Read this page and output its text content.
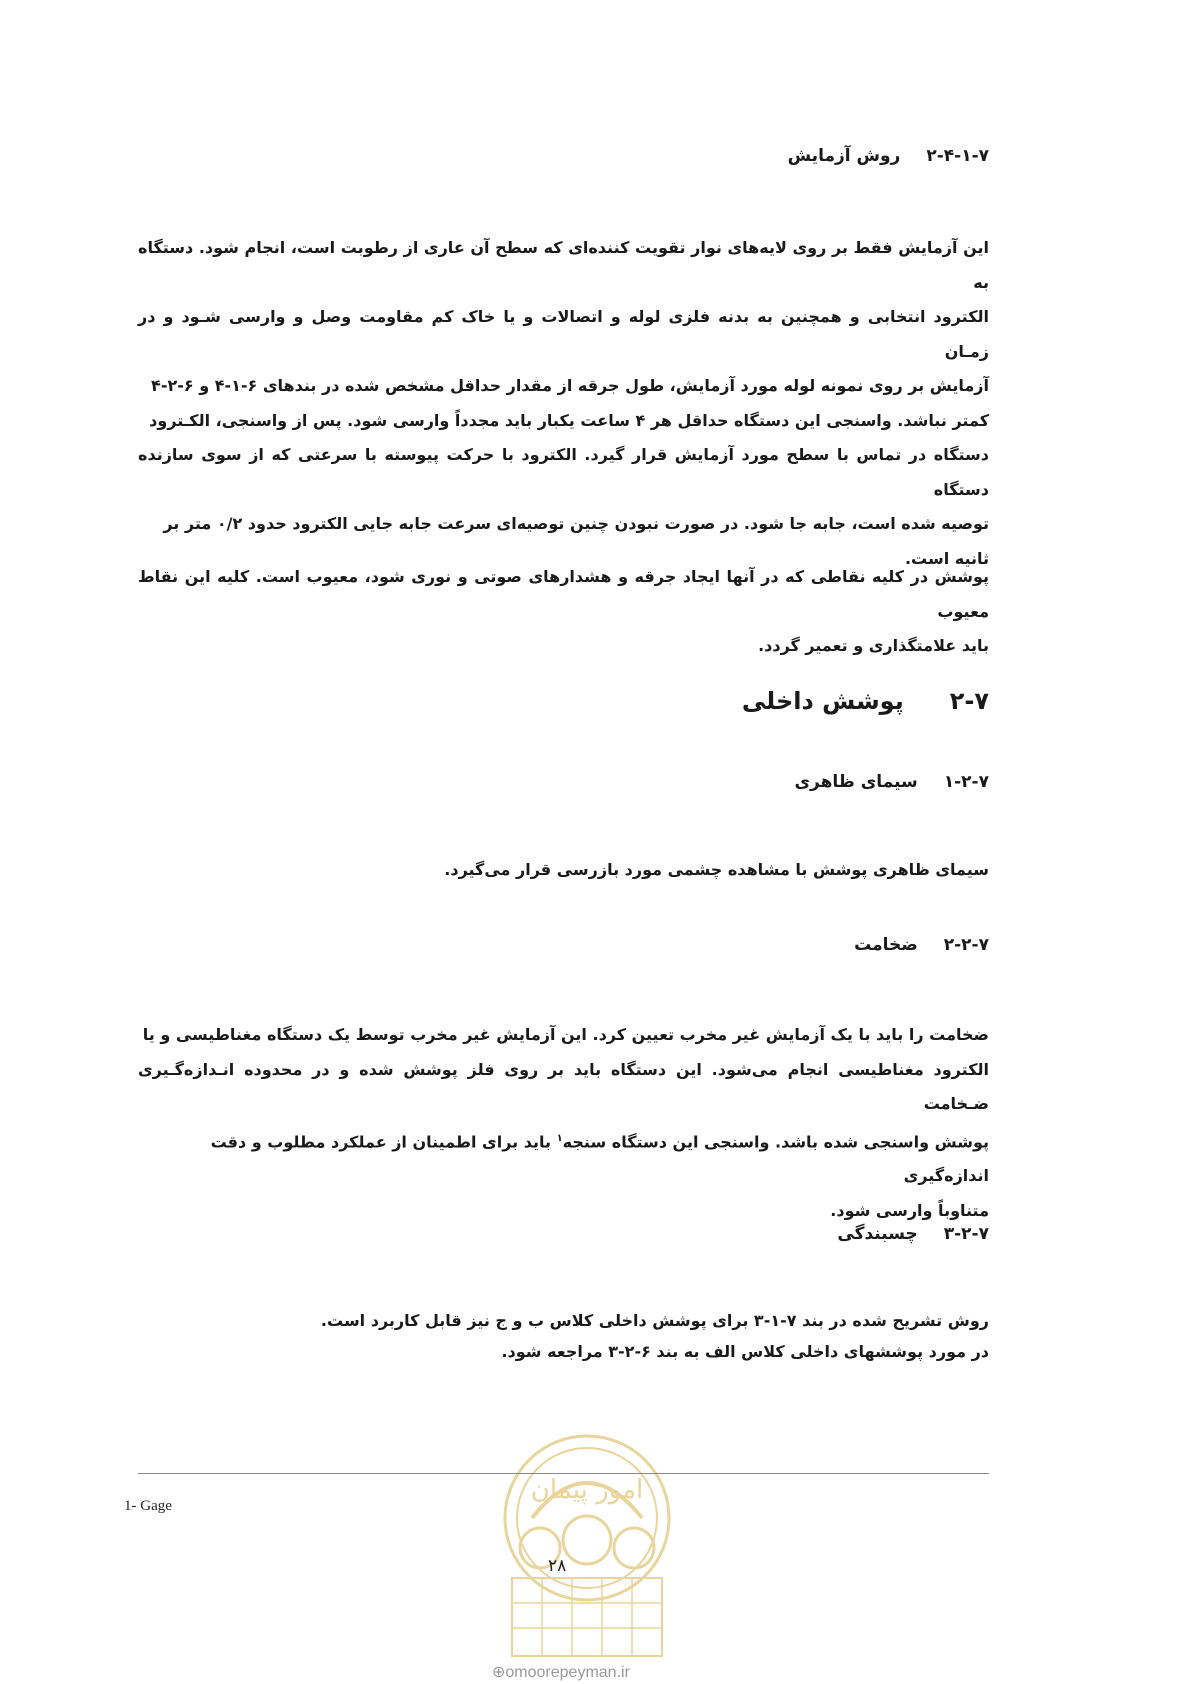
۲-۴-۱-۷روش آزمایش

این آزمایش فقط بر روی لایه‌های نوار تقویت کننده‌ای که سطح آن عاری از رطوبت است، انجام شود. دستگاه به
الکترود انتخابی و همچنین به بدنه فلزی لوله و اتصالات و یا خاک کم مقاومت وصل و وارسی شـود و در زمـان
آزمایش بر روی نمونه لوله مورد آزمایش، طول جرقه از مقدار حداقل مشخص شده در بندهای ۶-۱-۴ و ۶-۲-۴
کمتر نباشد. واسنجی این دستگاه حداقل هر ۴ ساعت یکبار باید مجدداً وارسی شود. پس از واسنجی، الکـترود
دستگاه در تماس با سطح مورد آزمایش قرار گیرد. الکترود با حرکت پیوسته با سرعتی که از سوی سازنده دستگاه
توصیه شده است، جابه جا شود. در صورت نبودن چنین توصیه‌ای سرعت جابه جایی الکترود حدود ۰/۲ متر بر
ثانیه است.

پوشش در کلیه نقاطی که در آنها ایجاد جرقه و هشدارهای صوتی و نوری شود، معیوب است. کلیه این نقاط معیوب
باید علامتگذاری و تعمیر گردد.

۲-۷پوشش داخلی
۱-۲-۷سیمای ظاهری

سیمای ظاهری پوشش با مشاهده چشمی مورد بازرسی قرار می‌گیرد.

۲-۲-۷ضخامت

ضخامت را باید با یک آزمایش غیر مخرب تعیین کرد. این آزمایش غیر مخرب توسط یک دستگاه مغناطیسی و یا
الکترود مغناطیسی انجام می‌شود. این دستگاه باید بر روی فلز پوشش شده و در محدوده انـدازه‌گـیری ضـخامت
پوشش واسنجی شده باشد. واسنجی این دستگاه سنجه$^۱$ باید برای اطمینان از عملکرد مطلوب و دقت اندازه‌گیری
متناوباً وارسی شود.

۳-۲-۷چسبندگی

روش تشریح شده در بند ۷-۱-۳ برای پوشش داخلی کلاس ب و ج نیز قابل کاربرد است.
در مورد پوششهای داخلی کلاس الف به بند ۶-۲-۳ مراجعه شود.

امور پیمان
1- Gage
۲۸
⊕omoorepeyman.ir
